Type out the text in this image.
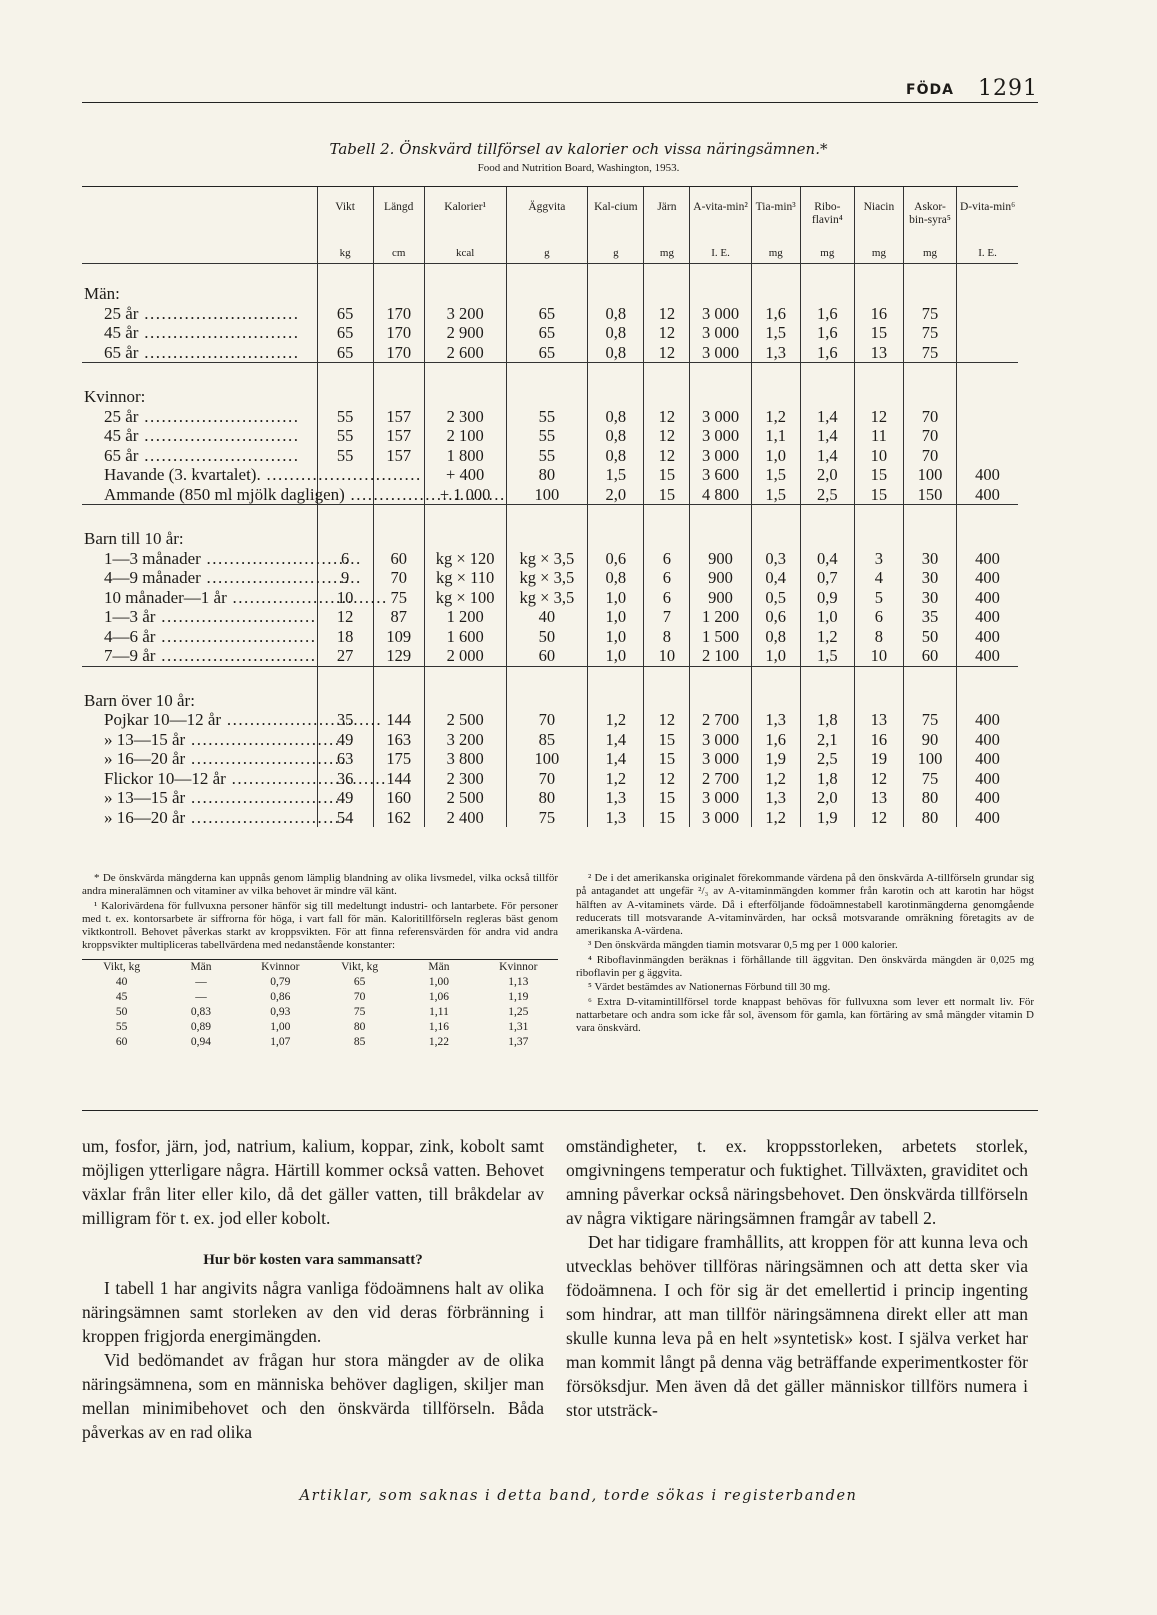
FÖDA	1291
Tabell 2. Önskvärd tillförsel av kalorier och vissa näringsämnen.*
Food and Nutrition Board, Washington, 1953.
	Vikt	Längd	Kalorier¹	Äggvita	Kal-cium	Järn	A-vita-min²	Tia-min³	Ribo-flavin⁴	Niacin	Askor-bin-syra⁵	D-vita-min⁶
	kg	cm	kcal	g	g	mg	I. E.	mg	mg	mg	mg	I. E.

Män:												
25 år .....	65	170	3 200	65	0,8	12	3 000	1,6	1,6	16	75	
45 år .....	65	170	2 900	65	0,8	12	3 000	1,5	1,6	15	75	
65 år .....	65	170	2 600	65	0,8	12	3 000	1,3	1,6	13	75	

Kvinnor:												
25 år .....	55	157	2 300	55	0,8	12	3 000	1,2	1,4	12	70	
45 år .....	55	157	2 100	55	0,8	12	3 000	1,1	1,4	11	70	
65 år .....	55	157	1 800	55	0,8	12	3 000	1,0	1,4	10	70	
Havande (3. kvartalet). .....			+ 400	80	1,5	15	3 600	1,5	2,0	15	100	400
Ammande (850 ml mjölk dagligen) .....			+ 1 000	100	2,0	15	4 800	1,5	2,5	15	150	400

Barn till 10 år:												
1—3 månader .....	6	60	kg × 120	kg × 3,5	0,6	6	900	0,3	0,4	3	30	400
4—9 månader .....	9	70	kg × 110	kg × 3,5	0,8	6	900	0,4	0,7	4	30	400
10 månader—1 år .....	10	75	kg × 100	kg × 3,5	1,0	6	900	0,5	0,9	5	30	400
1—3 år .....	12	87	1 200	40	1,0	7	1 200	0,6	1,0	6	35	400
4—6 år .....	18	109	1 600	50	1,0	8	1 500	0,8	1,2	8	50	400
7—9 år .....	27	129	2 000	60	1,0	10	2 100	1,0	1,5	10	60	400

Barn över 10 år:												
Pojkar 10—12 år .....	35	144	2 500	70	1,2	12	2 700	1,3	1,8	13	75	400
» 13—15 år .....	49	163	3 200	85	1,4	15	3 000	1,6	2,1	16	90	400
» 16—20 år .....	63	175	3 800	100	1,4	15	3 000	1,9	2,5	19	100	400
Flickor 10—12 år .....	36	144	2 300	70	1,2	12	2 700	1,2	1,8	12	75	400
» 13—15 år .....	49	160	2 500	80	1,3	15	3 000	1,3	2,0	13	80	400
» 16—20 år .....	54	162	2 400	75	1,3	15	3 000	1,2	1,9	12	80	400

* De önskvärda mängderna kan uppnås genom lämplig blandning av olika livsmedel, vilka också tillför andra mineralämnen och vitaminer av vilka behovet är mindre väl känt.

¹ Kalorivärdena för fullvuxna personer hänför sig till medeltungt industri- och lantarbete. För personer med t. ex. kontorsarbete är siffrorna för höga, i vart fall för män. Kaloritillförseln regleras bäst genom viktkontroll. Behovet påverkas starkt av kroppsvikten. För att finna referensvärden för andra vid andra kroppsvikter multipliceras tabellvärdena med nedanstående konstanter:

Vikt, kg	Män	Kvinnor	Vikt, kg	Män	Kvinnor
40	—	0,79	65	1,00	1,13
45	—	0,86	70	1,06	1,19
50	0,83	0,93	75	1,11	1,25
55	0,89	1,00	80	1,16	1,31
60	0,94	1,07	85	1,22	1,37

² De i det amerikanska originalet förekommande värdena på den önskvärda A-tillförseln grundar sig på antagandet att ungefär ²/₃ av A-vitaminmängden kommer från karotin och att karotin har högst hälften av A-vitaminets värde. Då i efterföljande födoämnestabell karotinmängderna genomgående reducerats till motsvarande A-vitaminvärden, har också motsvarande omräkning företagits av de amerikanska A-värdena.

³ Den önskvärda mängden tiamin motsvarar 0,5 mg per 1 000 kalorier.

⁴ Riboflavinmängden beräknas i förhållande till äggvitan. Den önskvärda mängden är 0,025 mg riboflavin per g äggvita.

⁵ Värdet bestämdes av Nationernas Förbund till 30 mg.

⁶ Extra D-vitamintillförsel torde knappast behövas för fullvuxna som lever ett normalt liv. För nattarbetare och andra som icke får sol, ävensom för gamla, kan förtäring av små mängder vitamin D vara önskvärd.

um, fosfor, järn, jod, natrium, kalium, koppar, zink, kobolt samt möjligen ytterligare några. Härtill kommer också vatten. Behovet växlar från liter eller kilo, då det gäller vatten, till bråkdelar av milligram för t. ex. jod eller kobolt.

Hur bör kosten vara sammansatt?

I tabell 1 har angivits några vanliga födoämnens halt av olika näringsämnen samt storleken av den vid deras förbränning i kroppen frigjorda energimängden.

Vid bedömandet av frågan hur stora mängder av de olika näringsämnena, som en människa behöver dagligen, skiljer man mellan minimibehovet och den önskvärda tillförseln. Båda påverkas av en rad olika

omständigheter, t. ex. kroppsstorleken, arbetets storlek, omgivningens temperatur och fuktighet. Tillväxten, graviditet och amning påverkar också näringsbehovet. Den önskvärda tillförseln av några viktigare näringsämnen framgår av tabell 2.

Det har tidigare framhållits, att kroppen för att kunna leva och utvecklas behöver tillföras näringsämnen och att detta sker via födoämnena. I och för sig är det emellertid i princip ingenting som hindrar, att man tillför näringsämnena direkt eller att man skulle kunna leva på en helt »syntetisk» kost. I själva verket har man kommit långt på denna väg beträffande experimentkoster för försöksdjur. Men även då det gäller människor tillförs numera i stor utsträck-

Artiklar, som saknas i detta band, torde sökas i registerbanden
